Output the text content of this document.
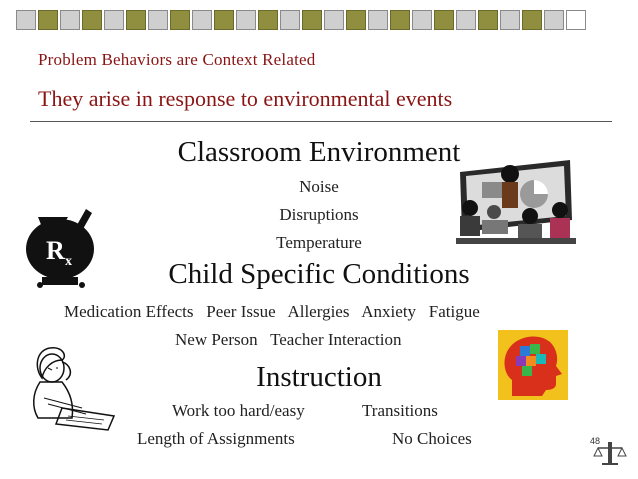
Problem Behaviors are Context Related
They arise in response to environmental events
Classroom Environment
Noise
Disruptions
Temperature
Child Specific Conditions
Medication Effects   Peer Issue   Allergies   Anxiety   Fatigue
New Person   Teacher Interaction
Instruction
Work too hard/easy	Transitions
Length of Assignments	No Choices
R x
48
